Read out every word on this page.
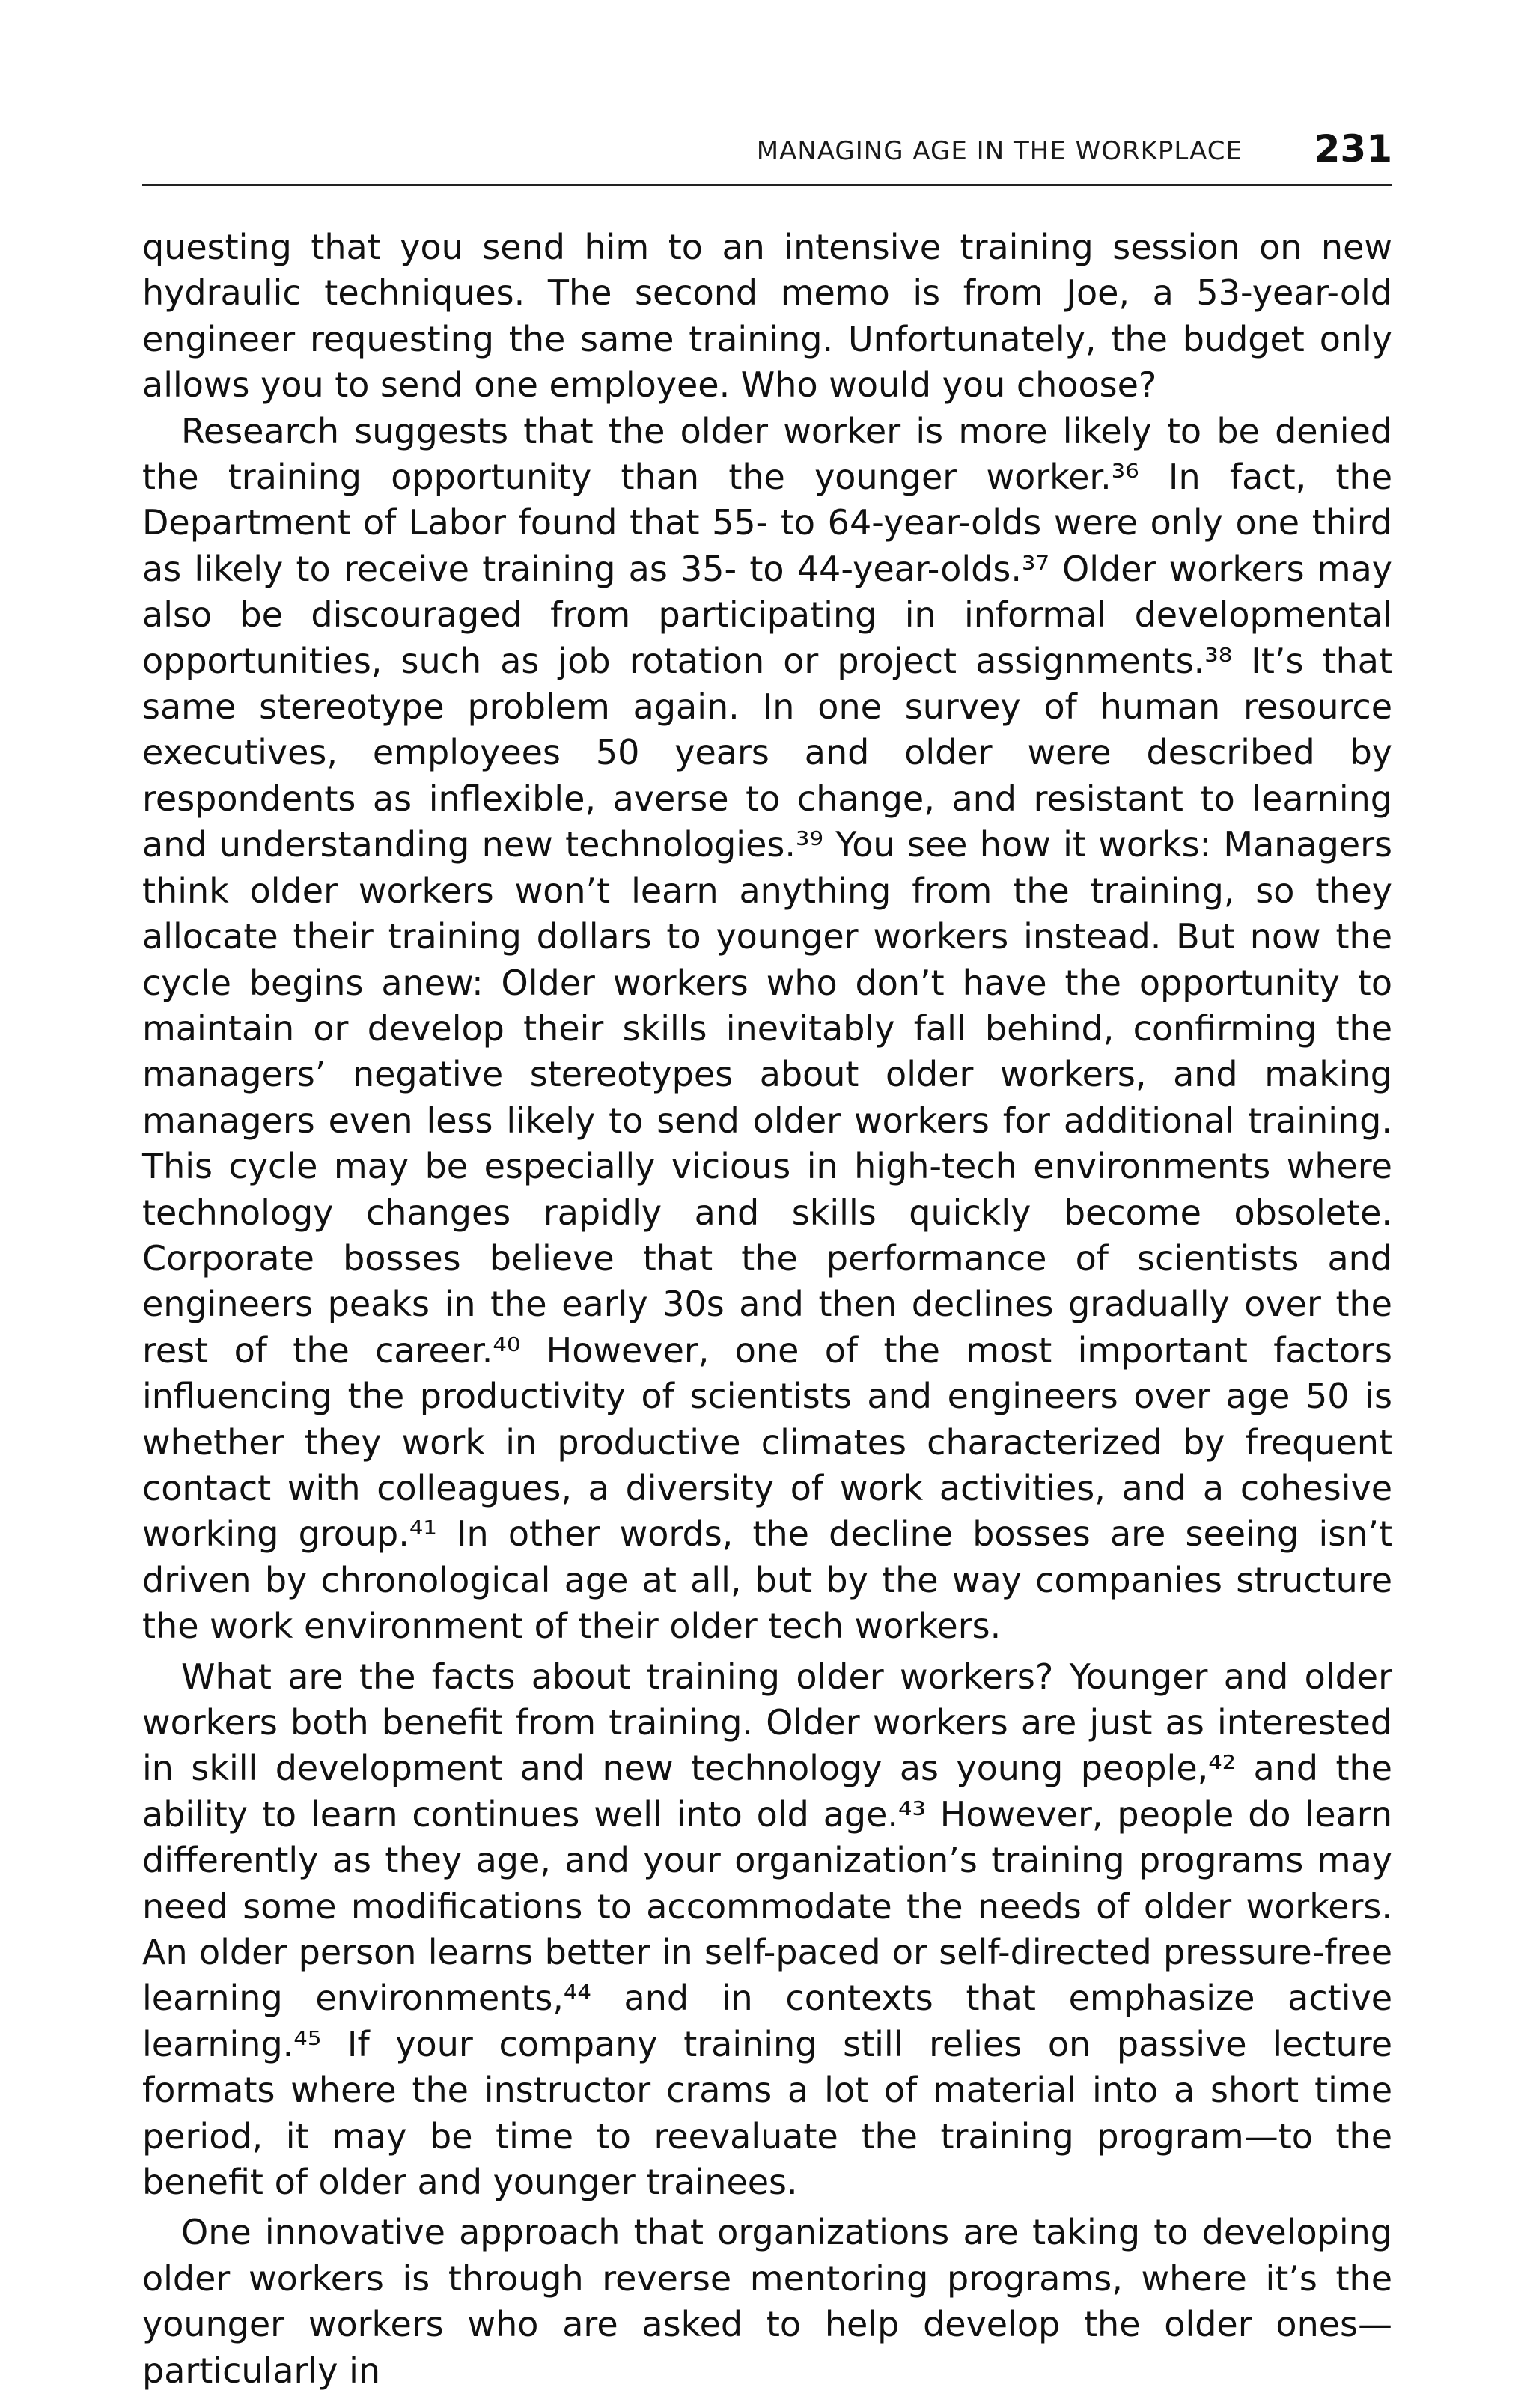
MANAGING AGE IN THE WORKPLACE 231

questing that you send him to an intensive training session on new hydraulic techniques. The second memo is from Joe, a 53-year-old engineer requesting the same training. Unfortunately, the budget only allows you to send one employee. Who would you choose?

Research suggests that the older worker is more likely to be denied the training opportunity than the younger worker.³⁶ In fact, the Department of Labor found that 55- to 64-year-olds were only one third as likely to receive training as 35- to 44-year-olds.³⁷ Older workers may also be discouraged from participating in informal developmental opportunities, such as job rotation or project assignments.³⁸ It’s that same stereotype problem again. In one survey of human resource executives, employees 50 years and older were described by respondents as inflexible, averse to change, and resistant to learning and understanding new technologies.³⁹ You see how it works: Managers think older workers won’t learn anything from the training, so they allocate their training dollars to younger workers instead. But now the cycle begins anew: Older workers who don’t have the opportunity to maintain or develop their skills inevitably fall behind, confirming the managers’ negative stereotypes about older workers, and making managers even less likely to send older workers for additional training. This cycle may be especially vicious in high-tech environments where technology changes rapidly and skills quickly become obsolete. Corporate bosses believe that the performance of scientists and engineers peaks in the early 30s and then declines gradually over the rest of the career.⁴⁰ However, one of the most important factors influencing the productivity of scientists and engineers over age 50 is whether they work in productive climates characterized by frequent contact with colleagues, a diversity of work activities, and a cohesive working group.⁴¹ In other words, the decline bosses are seeing isn’t driven by chronological age at all, but by the way companies structure the work environment of their older tech workers.

What are the facts about training older workers? Younger and older workers both benefit from training. Older workers are just as interested in skill development and new technology as young people,⁴² and the ability to learn continues well into old age.⁴³ However, people do learn differently as they age, and your organization’s training programs may need some modifications to accommodate the needs of older workers. An older person learns better in self-paced or self-directed pressure-free learning environments,⁴⁴ and in contexts that emphasize active learning.⁴⁵ If your company training still relies on passive lecture formats where the instructor crams a lot of material into a short time period, it may be time to reevaluate the training program—to the benefit of older and younger trainees.

One innovative approach that organizations are taking to developing older workers is through reverse mentoring programs, where it’s the younger workers who are asked to help develop the older ones—particularly in
